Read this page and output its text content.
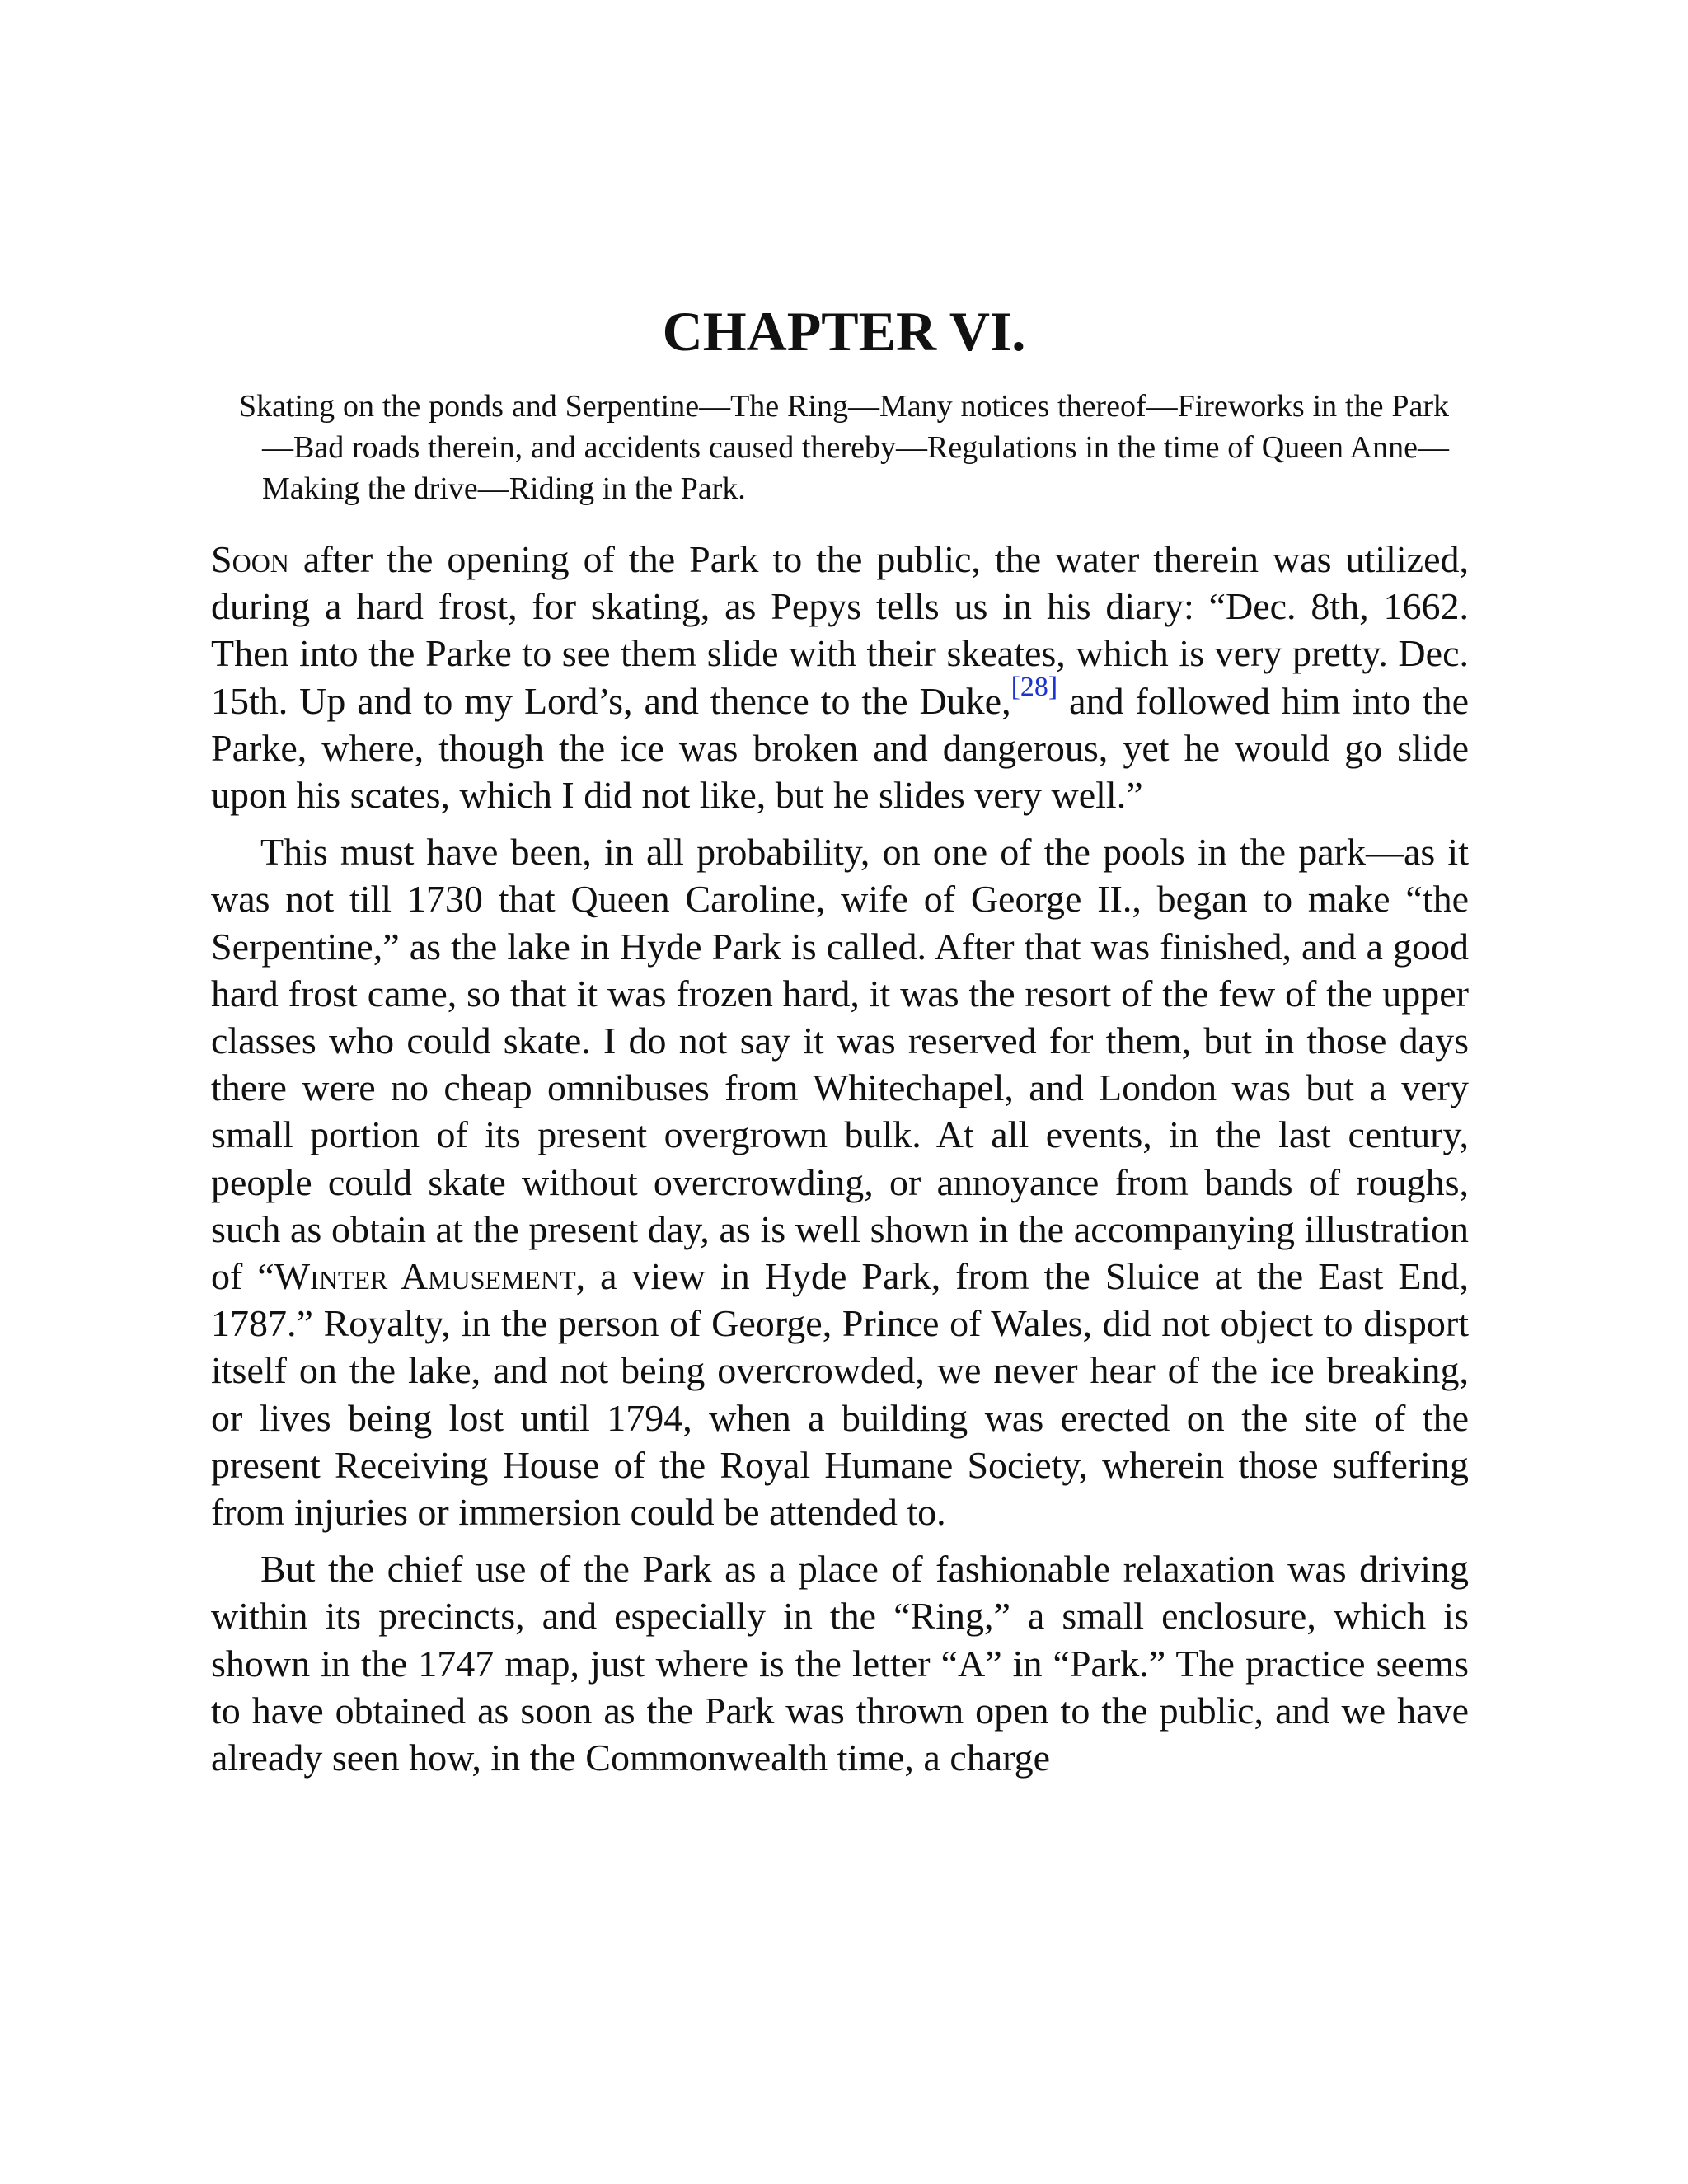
CHAPTER VI.
Skating on the ponds and Serpentine—The Ring—Many notices thereof—Fireworks in the Park—Bad roads therein, and accidents caused thereby—Regulations in the time of Queen Anne—Making the drive—Riding in the Park.

Soon after the opening of the Park to the public, the water therein was utilized, during a hard frost, for skating, as Pepys tells us in his diary: “Dec. 8th, 1662. Then into the Parke to see them slide with their skeates, which is very pretty. Dec. 15th. Up and to my Lord’s, and thence to the Duke,[28] and followed him into the Parke, where, though the ice was broken and dangerous, yet he would go slide upon his scates, which I did not like, but he slides very well.”

This must have been, in all probability, on one of the pools in the park—as it was not till 1730 that Queen Caroline, wife of George II., began to make “the Serpentine,” as the lake in Hyde Park is called. After that was finished, and a good hard frost came, so that it was frozen hard, it was the resort of the few of the upper classes who could skate. I do not say it was reserved for them, but in those days there were no cheap omnibuses from Whitechapel, and London was but a very small portion of its present overgrown bulk. At all events, in the last century, people could skate without overcrowding, or annoyance from bands of roughs, such as obtain at the present day, as is well shown in the accompanying illustration of “Winter Amusement, a view in Hyde Park, from the Sluice at the East End, 1787.” Royalty, in the person of George, Prince of Wales, did not object to disport itself on the lake, and not being overcrowded, we never hear of the ice breaking, or lives being lost until 1794, when a building was erected on the site of the present Receiving House of the Royal Humane Society, wherein those suffering from injuries or immersion could be attended to.

But the chief use of the Park as a place of fashionable relaxation was driving within its precincts, and especially in the “Ring,” a small enclosure, which is shown in the 1747 map, just where is the letter “A” in “Park.” The practice seems to have obtained as soon as the Park was thrown open to the public, and we have already seen how, in the Commonwealth time, a charge
